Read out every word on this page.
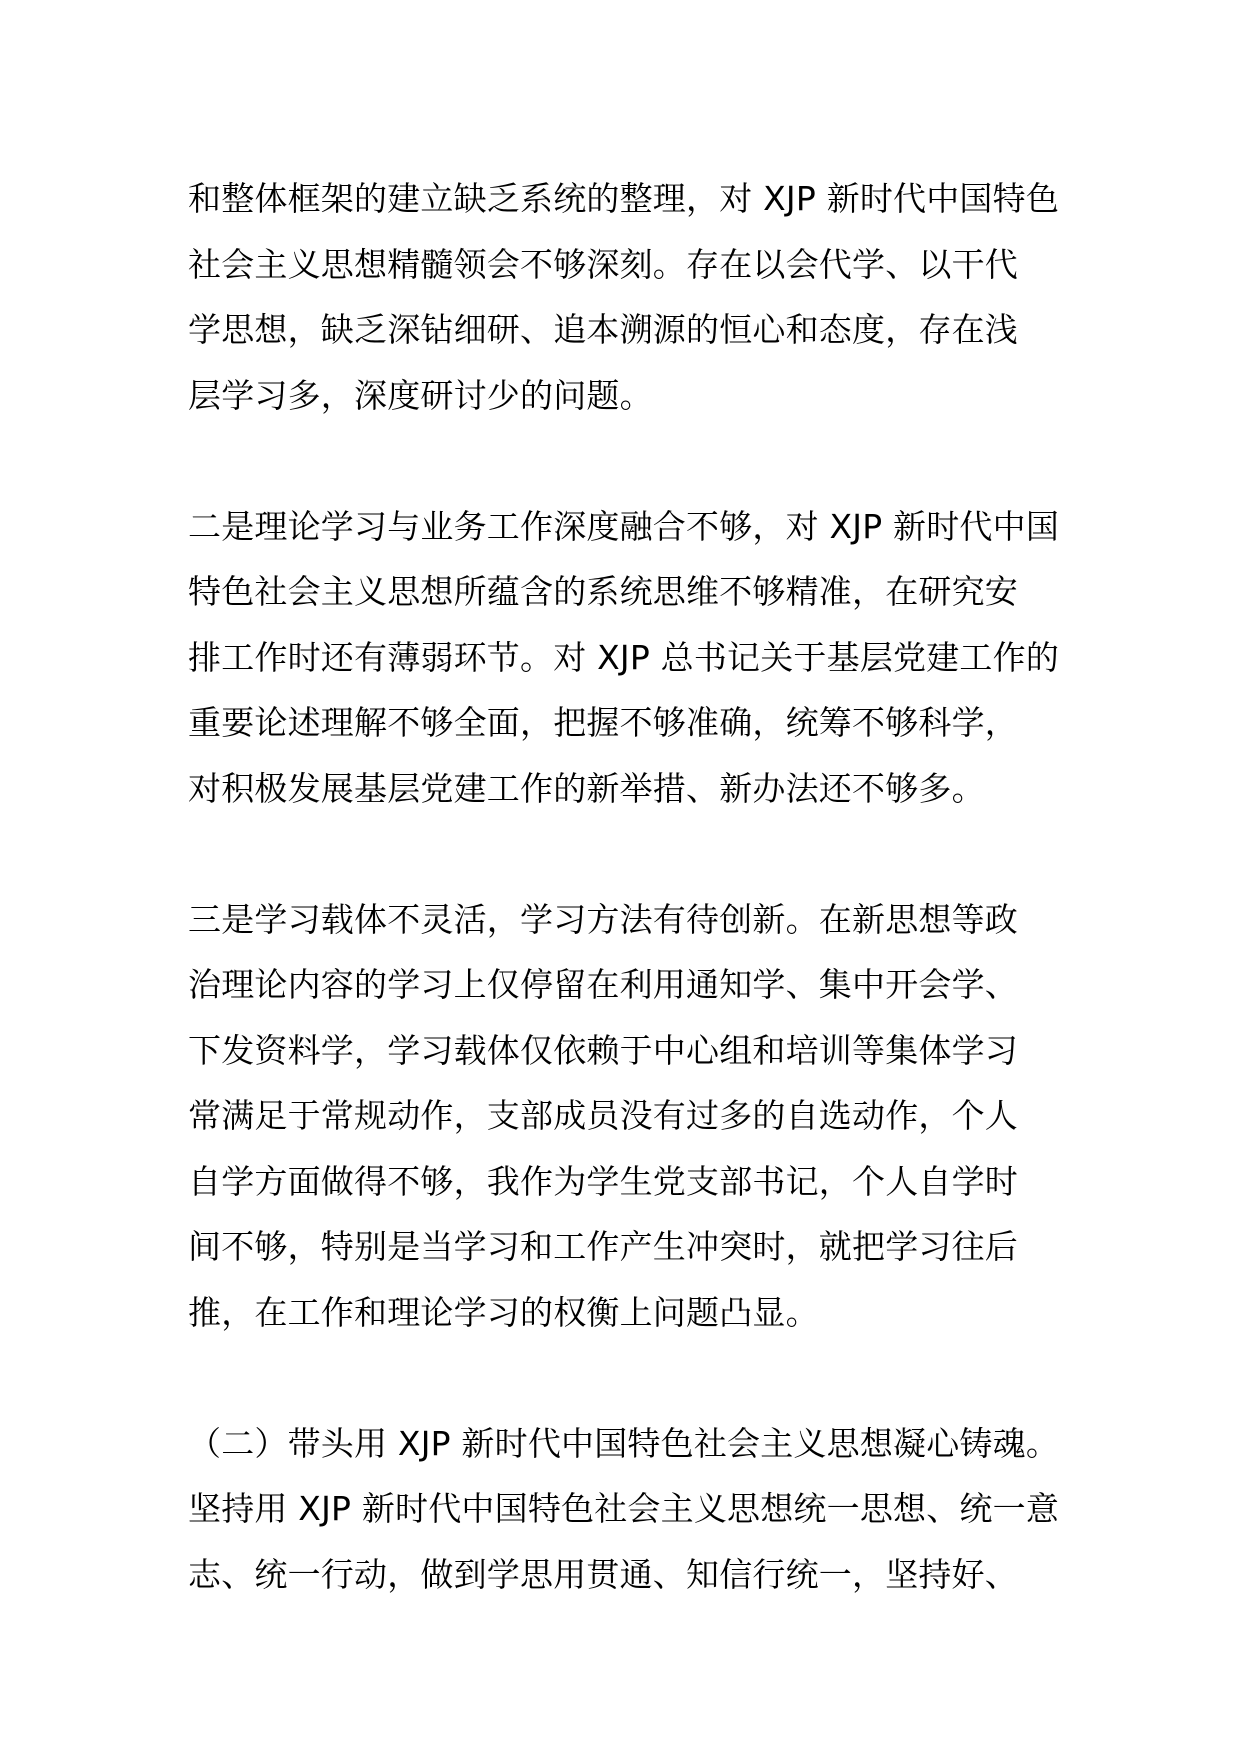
和整体框架的建立缺乏系统的整理，对 XJP 新时代中国特色
社会主义思想精髓领会不够深刻。存在以会代学、以干代
学思想，缺乏深钻细研、追本溯源的恒心和态度，存在浅
层学习多，深度研讨少的问题。
二是理论学习与业务工作深度融合不够，对 XJP 新时代中国
特色社会主义思想所蕴含的系统思维不够精准，在研究安
排工作时还有薄弱环节。对 XJP 总书记关于基层党建工作的
重要论述理解不够全面，把握不够准确，统筹不够科学，
对积极发展基层党建工作的新举措、新办法还不够多。
三是学习载体不灵活，学习方法有待创新。在新思想等政
治理论内容的学习上仅停留在利用通知学、集中开会学、
下发资料学，学习载体仅依赖于中心组和培训等集体学习
常满足于常规动作，支部成员没有过多的自选动作，个人
自学方面做得不够，我作为学生党支部书记，个人自学时
间不够，特别是当学习和工作产生冲突时，就把学习往后
推，在工作和理论学习的权衡上问题凸显。
（二）带头用 XJP 新时代中国特色社会主义思想凝心铸魂。
坚持用 XJP 新时代中国特色社会主义思想统一思想、统一意
志、统一行动，做到学思用贯通、知信行统一，坚持好、
